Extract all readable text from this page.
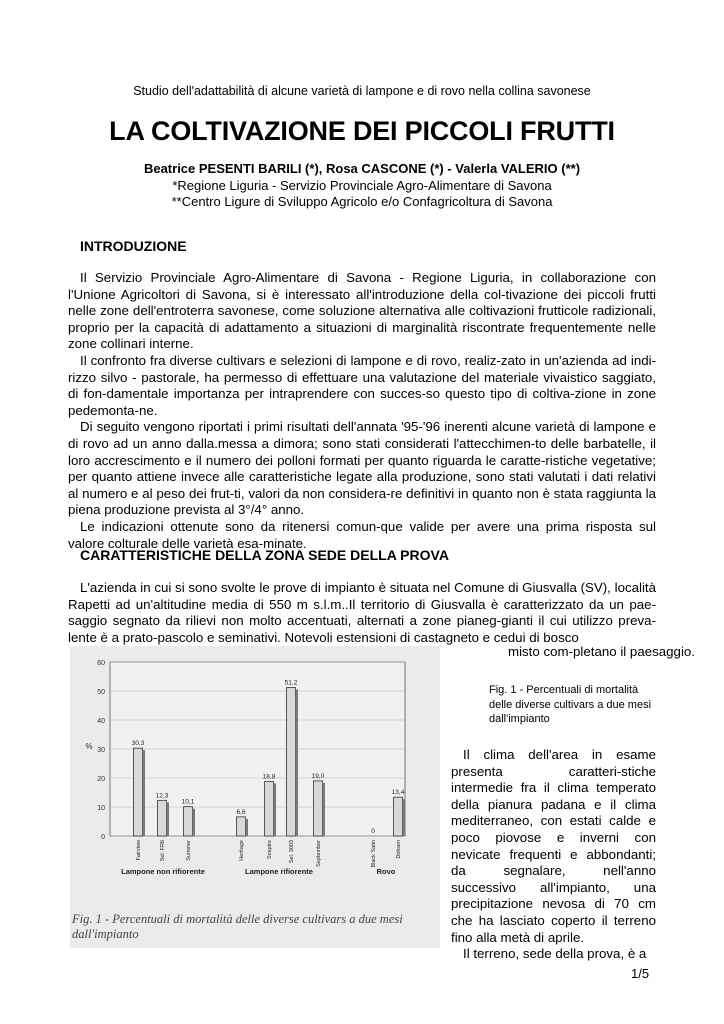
Studio dell'adattabilità di alcune varietà di lampone e di rovo nella collina savonese
LA COLTIVAZIONE DEI PICCOLI FRUTTI
Beatrice PESENTI BARILI (*), Rosa CASCONE (*) - Valerla VALERIO (**)
*Regione Liguria - Servizio Provinciale Agro-Alimentare di Savona
**Centro Ligure di Sviluppo Agricolo e/o Confagricoltura di Savona
INTRODUZIONE

Il Servizio Provinciale Agro-Alimentare di Savona - Regione Liguria, in collaborazione con l'Unione Agricoltori di Savona, si è interessato all'introduzione della col-tivazione dei piccoli frutti nelle zone dell'entroterra savonese, come soluzione alternativa alle coltivazioni frutticole radizionali, proprio per la capacità di adattamento a situazioni di marginalità riscontrate frequentemente nelle zone collinari interne.

Il confronto fra diverse cultivars e selezioni di lampone e di rovo, realiz-zato in un'azienda ad indi- rizzo silvo - pastorale, ha permesso di effettuare una valutazione del materiale vivaistico saggiato, di fon-damentale importanza per intraprendere con succes-so questo tipo di coltiva-zione in zone pedemonta-ne.

Di seguito vengono riportati i primi risultati dell'annata '95-'96 inerenti alcune varietà di lampone e di rovo ad un anno dalla.messa a dimora; sono stati considerati l'attecchimen-to delle barbatelle, il loro accrescimento e il numero dei polloni formati per quanto riguarda le caratte-ristiche vegetative; per quanto attiene invece alle caratteristiche legate alla produzione, sono stati valutati i dati relativi al numero e al peso dei frut-ti, valori da non considera-re definitivi in quanto non è stata raggiunta la piena produzione prevista al 3°/4° anno.

Le indicazioni ottenute sono da ritenersi comun-que valide per avere una prima risposta sul valore colturale delle varietà esa-minate.

CARATTERISTICHE DELLA ZONA SEDE DELLA PROVA

L'azienda in cui si sono svolte le prove di impianto è situata nel Comune di Giusvalla (SV), località Rapetti ad un'altitudine media di 550 m s.l.m..Il territorio di Giusvalla è caratterizzato da un pae-saggio segnato da rilievi non molto accentuati, alternati a zone pianeg-gianti il cui utilizzo preva-lente è a prato-pascolo e seminativi. Notevoli estensioni di castagneto e cedui di bosco

misto com-pletano il paesaggio.
0
10
20
30
40
50
60
%	30,3
Fairview
12,3
Sel. FR6
10,1
Summer
6,6
Heritage
18,8
Sceptre
51,2
Sel. 3003
19,0
September
0
Black Satin
13,4
Dirksen
Lampone non rifiorente	Lampone rifiorente	Rovo
Fig. 1 - Percentuali di mortalità delle diverse cultivars a due mesi dall'impianto
Fig. 1 - Percentuali di mortalità delle diverse cultivars a due mesi dall'impianto

Il clima dell'area in esame presenta caratteri-stiche intermedie fra il clima temperato della pianura padana e il clima mediterraneo, con estati calde e poco piovose e inverni con nevicate frequenti e abbondanti; da segnalare, nell'anno successivo all'impianto, una precipitazione nevosa di 70 cm che ha lasciato coperto il terreno fino alla metà di aprile.

Il terreno, sede della prova, è a

1/5
